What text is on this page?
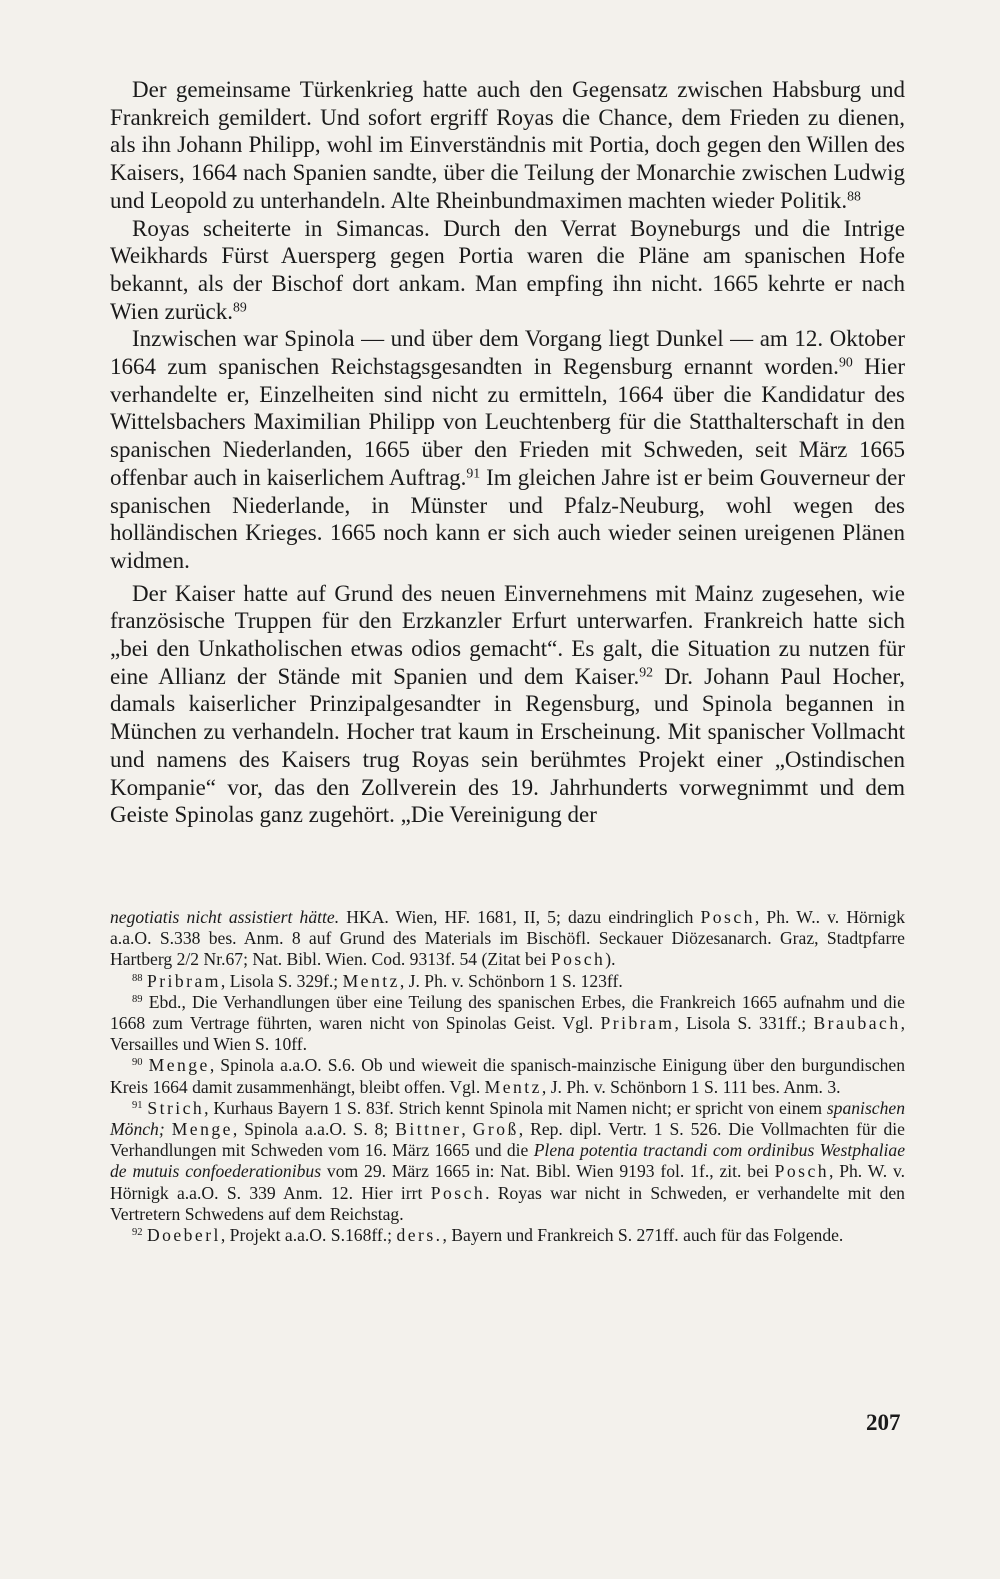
Der gemeinsame Türkenkrieg hatte auch den Gegensatz zwischen Habsburg und Frankreich gemildert. Und sofort ergriff Royas die Chance, dem Frieden zu dienen, als ihn Johann Philipp, wohl im Einverständnis mit Portia, doch gegen den Willen des Kaisers, 1664 nach Spanien sandte, über die Teilung der Monarchie zwischen Ludwig und Leopold zu unterhandeln. Alte Rheinbundmaximen machten wieder Politik.$^{88}$

Royas scheiterte in Simancas. Durch den Verrat Boyneburgs und die Intrige Weikhards Fürst Auersperg gegen Portia waren die Pläne am spanischen Hofe bekannt, als der Bischof dort ankam. Man empfing ihn nicht. 1665 kehrte er nach Wien zurück.$^{89}$

Inzwischen war Spinola — und über dem Vorgang liegt Dunkel — am 12. Oktober 1664 zum spanischen Reichstagsgesandten in Regensburg ernannt worden.$^{90}$ Hier verhandelte er, Einzelheiten sind nicht zu ermitteln, 1664 über die Kandidatur des Wittelsbachers Maximilian Philipp von Leuchtenberg für die Statthalterschaft in den spanischen Niederlanden, 1665 über den Frieden mit Schweden, seit März 1665 offenbar auch in kaiserlichem Auftrag.$^{91}$ Im gleichen Jahre ist er beim Gouverneur der spanischen Niederlande, in Münster und Pfalz-Neuburg, wohl wegen des holländischen Krieges. 1665 noch kann er sich auch wieder seinen ureigenen Plänen widmen.

Der Kaiser hatte auf Grund des neuen Einvernehmens mit Mainz zugesehen, wie französische Truppen für den Erzkanzler Erfurt unterwarfen. Frankreich hatte sich „bei den Unkatholischen etwas odios gemacht“. Es galt, die Situation zu nutzen für eine Allianz der Stände mit Spanien und dem Kaiser.$^{92}$ Dr. Johann Paul Hocher, damals kaiserlicher Prinzipalgesandter in Regensburg, und Spinola begannen in München zu verhandeln. Hocher trat kaum in Erscheinung. Mit spanischer Vollmacht und namens des Kaisers trug Royas sein berühmtes Projekt einer „Ostindischen Kompanie“ vor, das den Zollverein des 19. Jahrhunderts vorwegnimmt und dem Geiste Spinolas ganz zugehört. „Die Vereinigung der

negotiatis nicht assistiert hätte. HKA. Wien, HF. 1681, II, 5; dazu eindringlich Posch, Ph. W.. v. Hörnigk a.a.O. S.338 bes. Anm. 8 auf Grund des Materials im Bischöfl. Seckauer Diözesanarch. Graz, Stadtpfarre Hartberg 2/2 Nr.67; Nat. Bibl. Wien. Cod. 9313f. 54 (Zitat bei Posch).

$^{88}$ Pribram, Lisola S. 329f.; Mentz, J. Ph. v. Schönborn 1 S. 123ff.

$^{89}$ Ebd., Die Verhandlungen über eine Teilung des spanischen Erbes, die Frankreich 1665 aufnahm und die 1668 zum Vertrage führten, waren nicht von Spinolas Geist. Vgl. Pribram, Lisola S. 331ff.; Braubach, Versailles und Wien S. 10ff.

$^{90}$ Menge, Spinola a.a.O. S.6. Ob und wieweit die spanisch-mainzische Einigung über den burgundischen Kreis 1664 damit zusammenhängt, bleibt offen. Vgl. Mentz, J. Ph. v. Schönborn 1 S. 111 bes. Anm. 3.

$^{91}$ Strich, Kurhaus Bayern 1 S. 83f. Strich kennt Spinola mit Namen nicht; er spricht von einem spanischen Mönch; Menge, Spinola a.a.O. S. 8; Bittner, Groß, Rep. dipl. Vertr. 1 S. 526. Die Vollmachten für die Verhandlungen mit Schweden vom 16. März 1665 und die Plena potentia tractandi com ordinibus Westphaliae de mutuis confoederationibus vom 29. März 1665 in: Nat. Bibl. Wien 9193 fol. 1f., zit. bei Posch, Ph. W. v. Hörnigk a.a.O. S. 339 Anm. 12. Hier irrt Posch. Royas war nicht in Schweden, er verhandelte mit den Vertretern Schwedens auf dem Reichstag.

$^{92}$ Doeberl, Projekt a.a.O. S.168ff.; ders., Bayern und Frankreich S. 271ff. auch für das Folgende.

207
